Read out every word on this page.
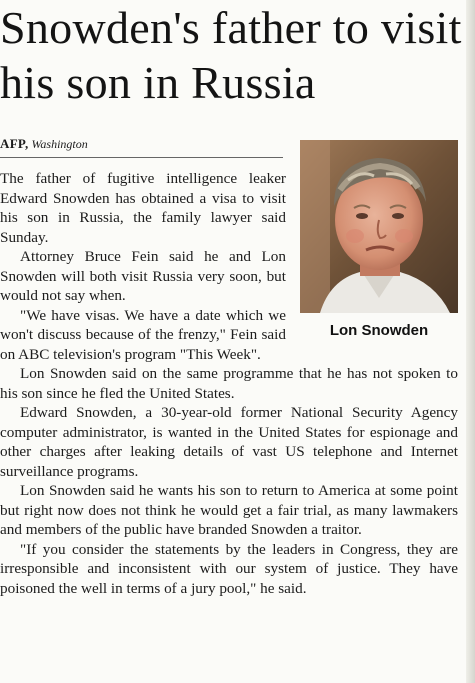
Snowden's father to visit his son in Russia
AFP, Washington
Lon Snowden

The father of fugitive intelligence leaker Edward Snowden has obtained a visa to visit his son in Russia, the family lawyer said Sunday.

Attorney Bruce Fein said he and Lon Snowden will both visit Russia very soon, but would not say when.

"We have visas. We have a date which we won't discuss because of the frenzy," Fein said on ABC television's program "This Week".

Lon Snowden said on the same programme that he has not spoken to his son since he fled the United States.

Edward Snowden, a 30-year-old former National Security Agency computer administrator, is wanted in the United States for espionage and other charges after leaking details of vast US telephone and Internet surveillance programs.

Lon Snowden said he wants his son to return to America at some point but right now does not think he would get a fair trial, as many lawmakers and members of the public have branded Snowden a traitor.

"If you consider the statements by the leaders in Congress, they are irresponsible and inconsistent with our system of justice. They have poisoned the well in terms of a jury pool," he said.
